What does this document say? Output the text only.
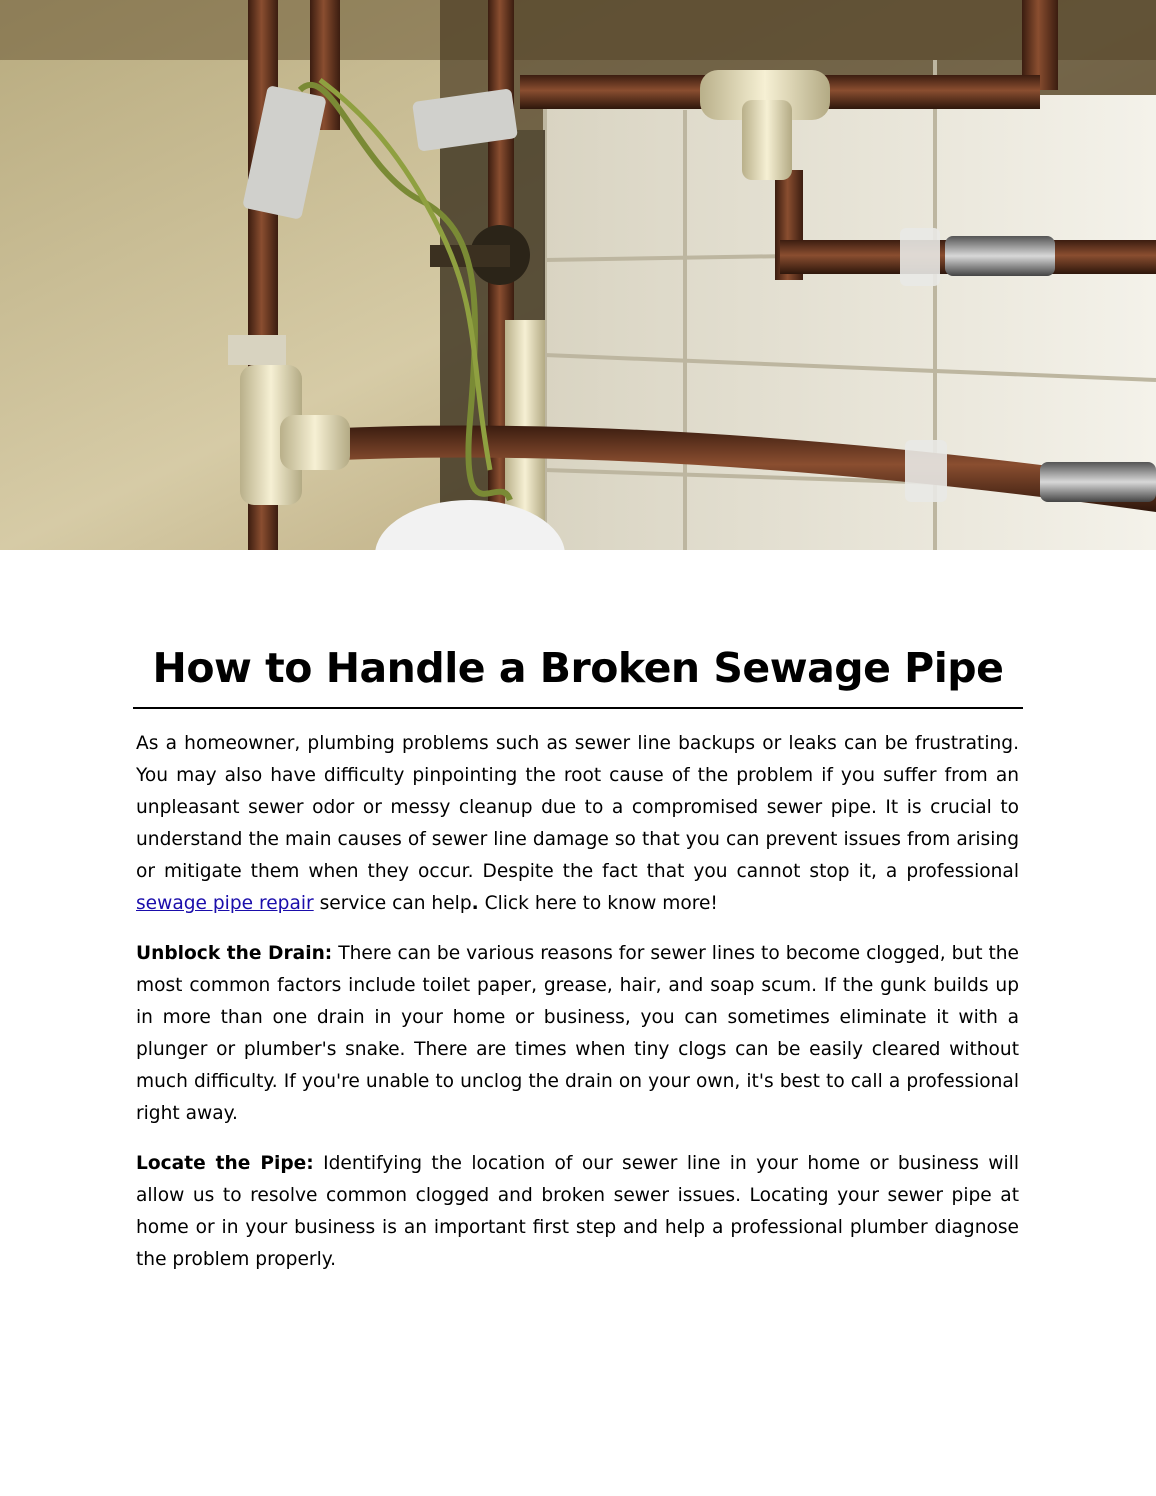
How to Handle a Broken Sewage Pipe

As a homeowner, plumbing problems such as sewer line backups or leaks can be frustrating. You may also have difficulty pinpointing the root cause of the problem if you suffer from an unpleasant sewer odor or messy cleanup due to a compromised sewer pipe. It is crucial to understand the main causes of sewer line damage so that you can prevent issues from arising or mitigate them when they occur. Despite the fact that you cannot stop it, a professional sewage pipe repair service can help. Click here to know more!

Unblock the Drain: There can be various reasons for sewer lines to become clogged, but the most common factors include toilet paper, grease, hair, and soap scum. If the gunk builds up in more than one drain in your home or business, you can sometimes eliminate it with a plunger or plumber's snake. There are times when tiny clogs can be easily cleared without much difficulty. If you're unable to unclog the drain on your own, it's best to call a professional right away.

Locate the Pipe: Identifying the location of our sewer line in your home or business will allow us to resolve common clogged and broken sewer issues. Locating your sewer pipe at home or in your business is an important first step and help a professional plumber diagnose the problem properly.
